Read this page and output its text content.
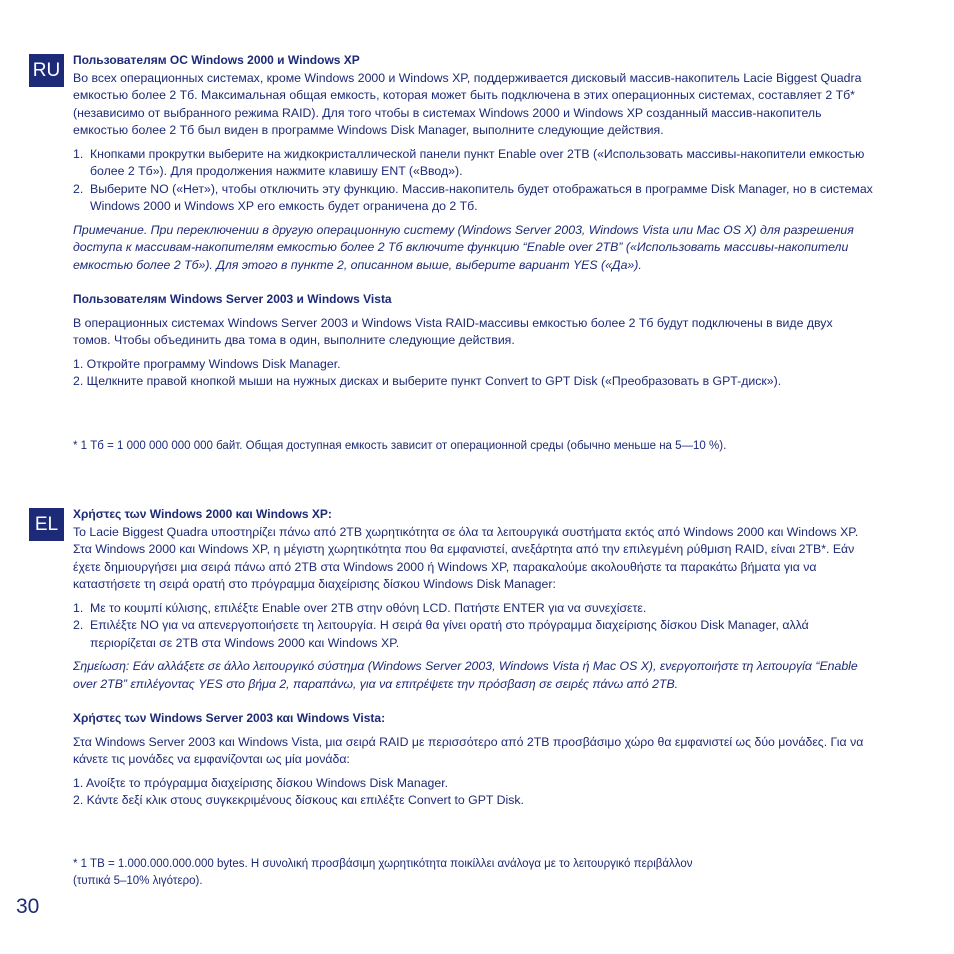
RU	Пользователям ОС Windows 2000 и Windows XP

Во всех операционных системах, кроме Windows 2000 и Windows XP, поддерживается дисковый массив-накопитель Lacie Biggest Quadra емкостью более 2 Тб. Максимальная общая емкость, которая может быть подключена в этих операционных системах, составляет 2 Тб* (независимо от выбранного режима RAID). Для того чтобы в системах Windows 2000 и Windows XP созданный массив-накопитель емкостью более 2 Тб был виден в программе Windows Disk Manager, выполните следующие действия.

1. Кнопками прокрутки выберите на жидкокристаллической панели пункт Enable over 2TB («Использовать массивы-накопители емкостью более 2 Тб»). Для продолжения нажмите клавишу ENT («Ввод»).
2. Выберите NO («Нет»), чтобы отключить эту функцию. Массив-накопитель будет отображаться в программе Disk Manager, но в системах Windows 2000 и Windows XP его емкость будет ограничена до 2 Тб.

Примечание. При переключении в другую операционную систему (Windows Server 2003, Windows Vista или Mac OS X) для разрешения доступа к массивам-накопителям емкостью более 2 Тб включите функцию “Enable over 2TB” («Использовать массивы-накопители емкостью более 2 Тб»). Для этого в пункте 2, описанном выше, выберите вариант YES («Да»).

Пользователям Windows Server 2003 и Windows Vista

В операционных системах Windows Server 2003 и Windows Vista RAID-массивы емкостью более 2 Тб будут подключены в виде двух томов. Чтобы объединить два тома в один, выполните следующие действия.

1. Откройте программу Windows Disk Manager.

2. Щелкните правой кнопкой мыши на нужных дисках и выберите пункт Convert to GPT Disk («Преобразовать в GPT-диск»).

* 1 Тб = 1 000 000 000 000 байт. Общая доступная емкость зависит от операционной среды (обычно меньше на 5—10 %).
EL	Χρήστες των Windows 2000 και Windows XP:

Το Lacie Biggest Quadra υποστηρίζει πάνω από 2TB χωρητικότητα σε όλα τα λειτουργικά συστήματα εκτός από Windows 2000 και Windows XP. Στα Windows 2000 και Windows XP, η μέγιστη χωρητικότητα που θα εμφανιστεί, ανεξάρτητα από την επιλεγμένη ρύθμιση RAID, είναι 2TB*. Εάν έχετε δημιουργήσει μια σειρά πάνω από 2TB στα Windows 2000 ή Windows XP, παρακαλούμε ακολουθήστε τα παρακάτω βήματα για να καταστήσετε τη σειρά ορατή στο πρόγραμμα διαχείρισης δίσκου Windows Disk Manager:

1. Με το κουμπί κύλισης, επιλέξτε Enable over 2TB στην οθόνη LCD. Πατήστε ENTER για να συνεχίσετε.
2. Επιλέξτε NO για να απενεργοποιήσετε τη λειτουργία. Η σειρά θα γίνει ορατή στο πρόγραμμα διαχείρισης δίσκου Disk Manager, αλλά περιορίζεται σε 2TB στα Windows 2000 και Windows XP.

Σημείωση: Εάν αλλάξετε σε άλλο λειτουργικό σύστημα (Windows Server 2003, Windows Vista ή Mac OS X), ενεργοποιήστε τη λειτουργία “Enable over 2TB” επιλέγοντας YES στο βήμα 2, παραπάνω, για να επιτρέψετε την πρόσβαση σε σειρές πάνω από 2TB.

Χρήστες των Windows Server 2003 και Windows Vista:

Στα Windows Server 2003 και Windows Vista, μια σειρά RAID με περισσότερο από 2TB προσβάσιμο χώρο θα εμφανιστεί ως δύο μονάδες. Για να κάνετε τις μονάδες να εμφανίζονται ως μία μονάδα:

1. Ανοίξτε το πρόγραμμα διαχείρισης δίσκου Windows Disk Manager.

2. Κάντε δεξί κλικ στους συγκεκριμένους δίσκους και επιλέξτε Convert to GPT Disk.

* 1 TB = 1.000.000.000.000 bytes. Η συνολική προσβάσιμη χωρητικότητα ποικίλλει ανάλογα με το λειτουργικό περιβάλλον
(τυπικά 5–10% λιγότερο).
30
